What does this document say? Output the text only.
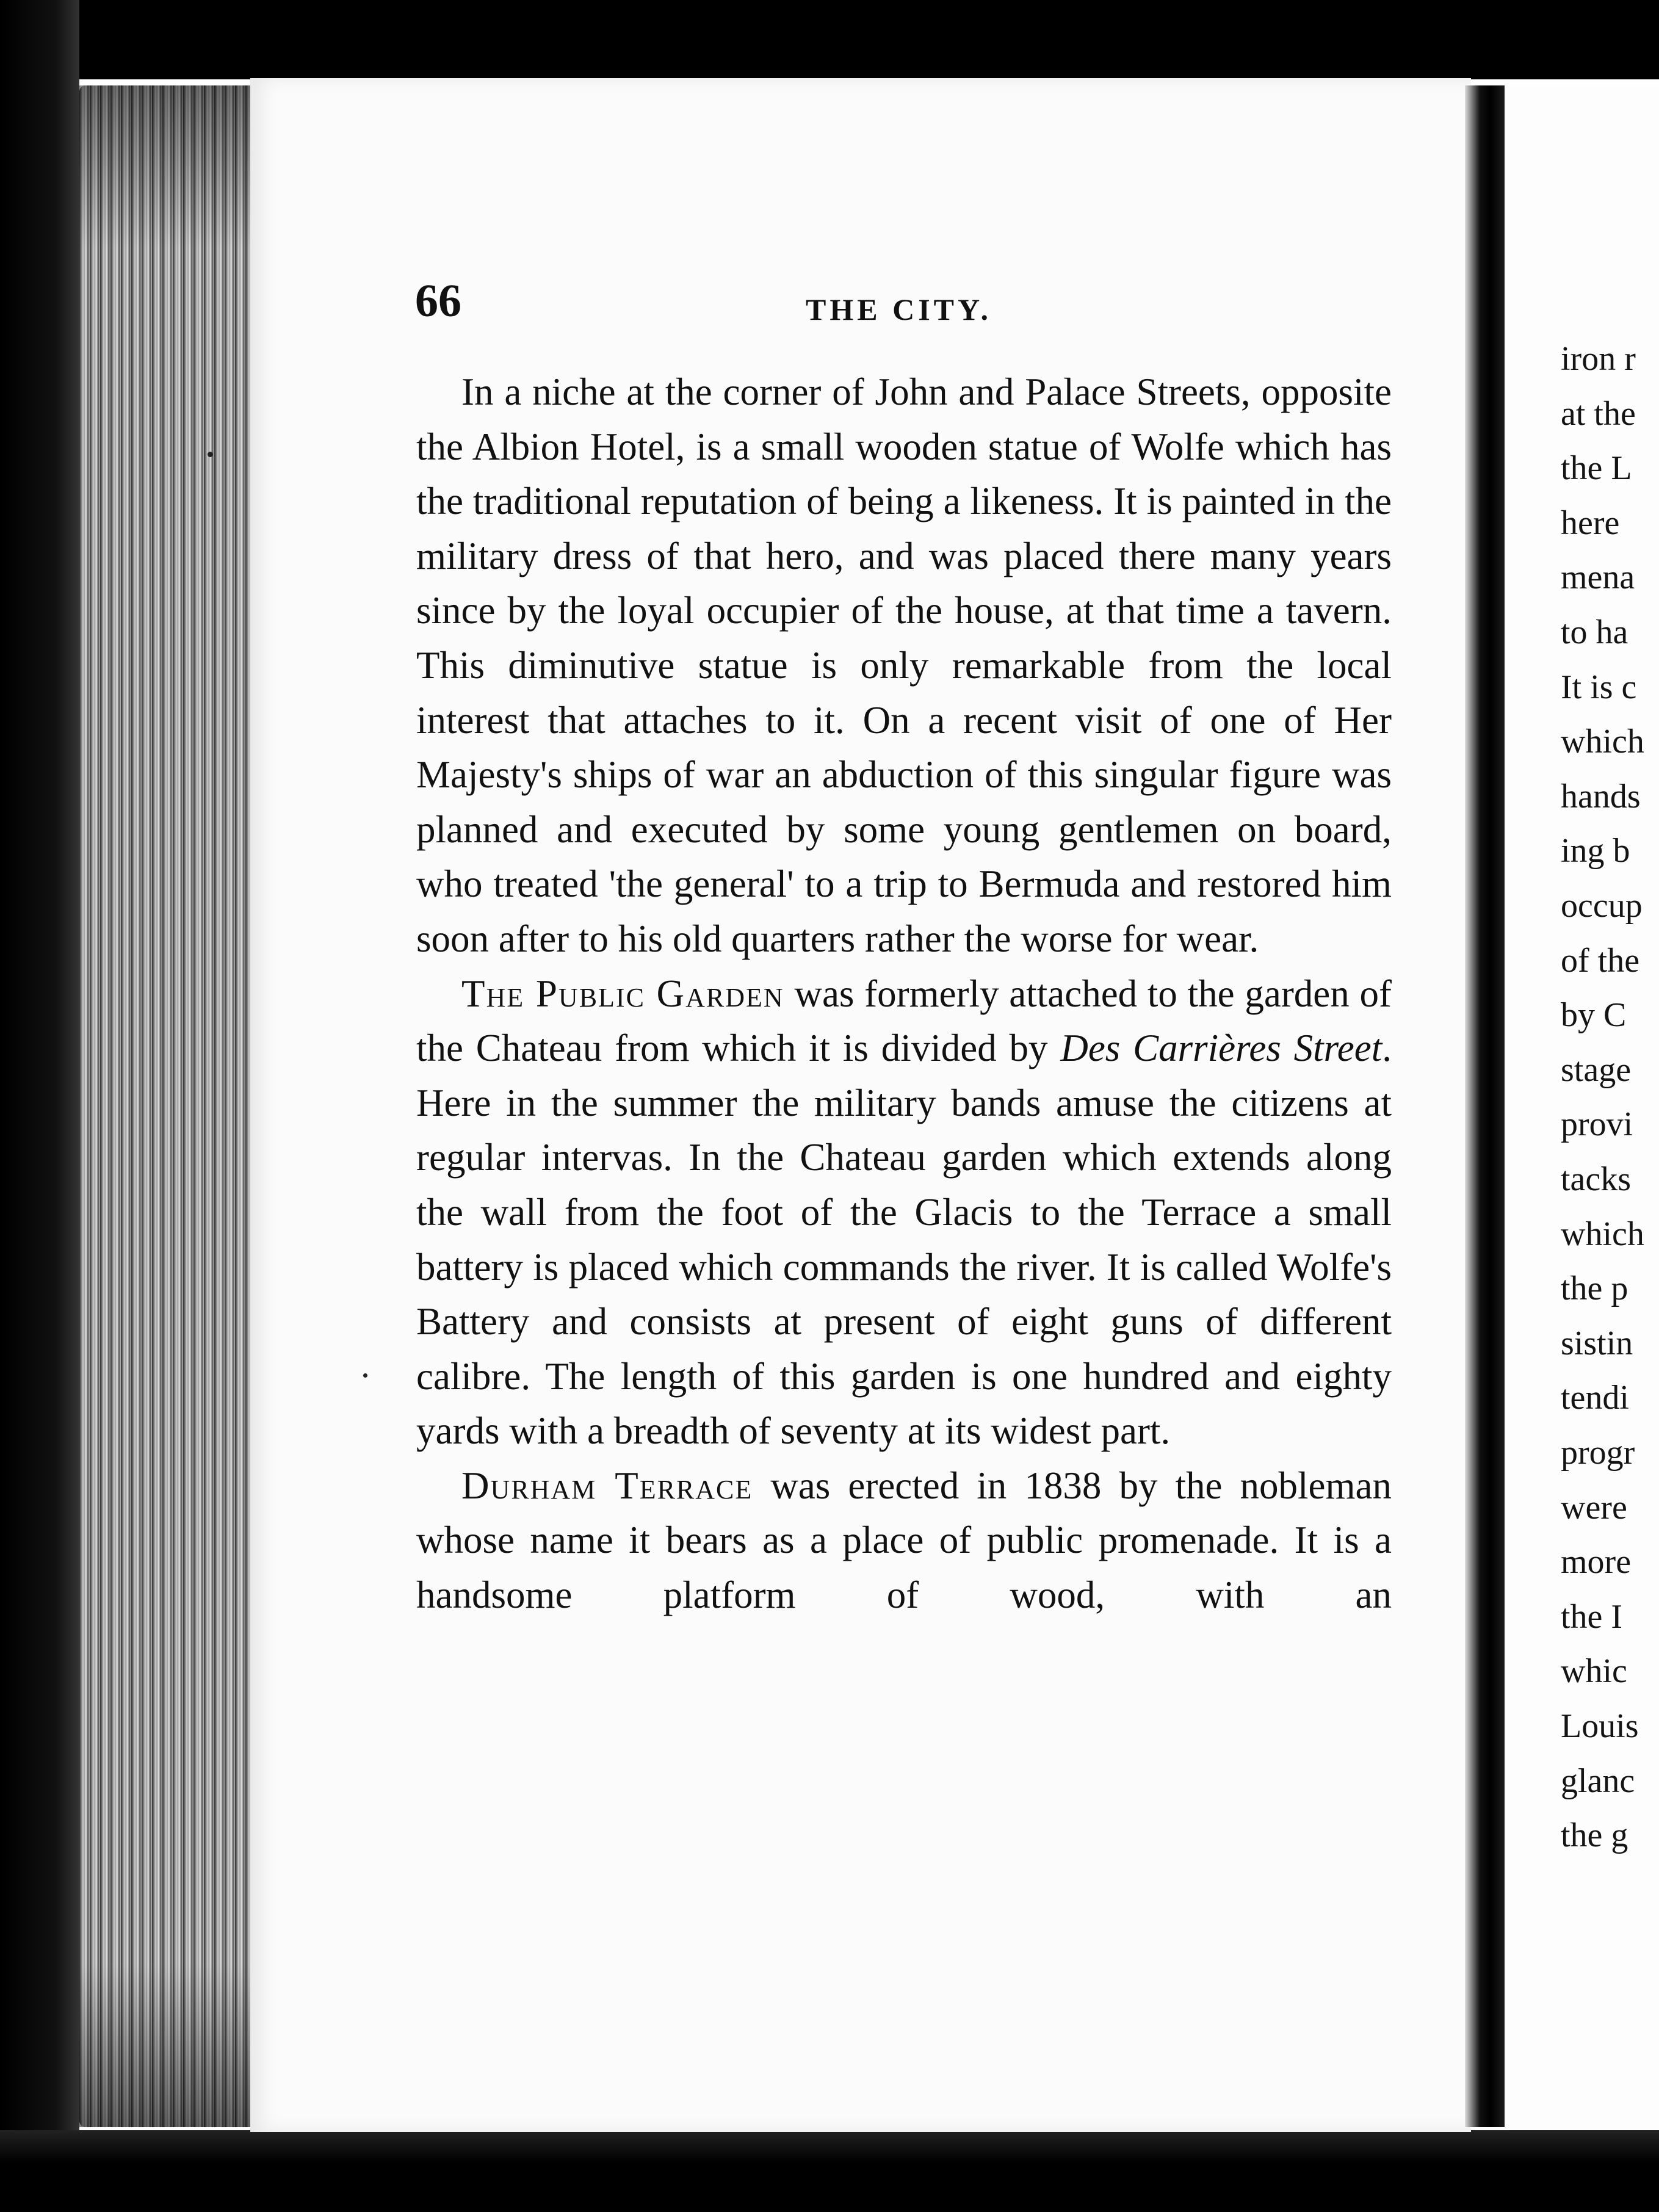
iron r
at the
the L
here
mena
to ha
It is c
which
hands
ing b
occup
of the
by C
stage
provi
tacks
which
the p
sistin
tendi
progr
were
more
the I
whic
Louis
glanc
the g
66	THE CITY.

In a niche at the corner of John and Palace Streets, opposite the Albion Hotel, is a small wooden statue of Wolfe which has the traditional reputation of being a likeness. It is painted in the military dress of that hero, and was placed there many years since by the loyal occupier of the house, at that time a tavern. This diminutive statue is only remarkable from the local interest that attaches to it. On a recent visit of one of Her Majesty's ships of war an abduction of this singular figure was planned and executed by some young gentlemen on board, who treated 'the general' to a trip to Bermuda and restored him soon after to his old quarters rather the worse for wear.

The Public Garden was formerly attached to the garden of the Chateau from which it is divided by Des Carrières Street. Here in the summer the military bands amuse the citizens at regular intervas. In the Chateau garden which extends along the wall from the foot of the Glacis to the Terrace a small battery is placed which commands the river. It is called Wolfe's Battery and consists at present of eight guns of different calibre. The length of this garden is one hundred and eighty yards with a breadth of seventy at its widest part.

Durham Terrace was erected in 1838 by the nobleman whose name it bears as a place of public promenade. It is a handsome platform of wood, with an
